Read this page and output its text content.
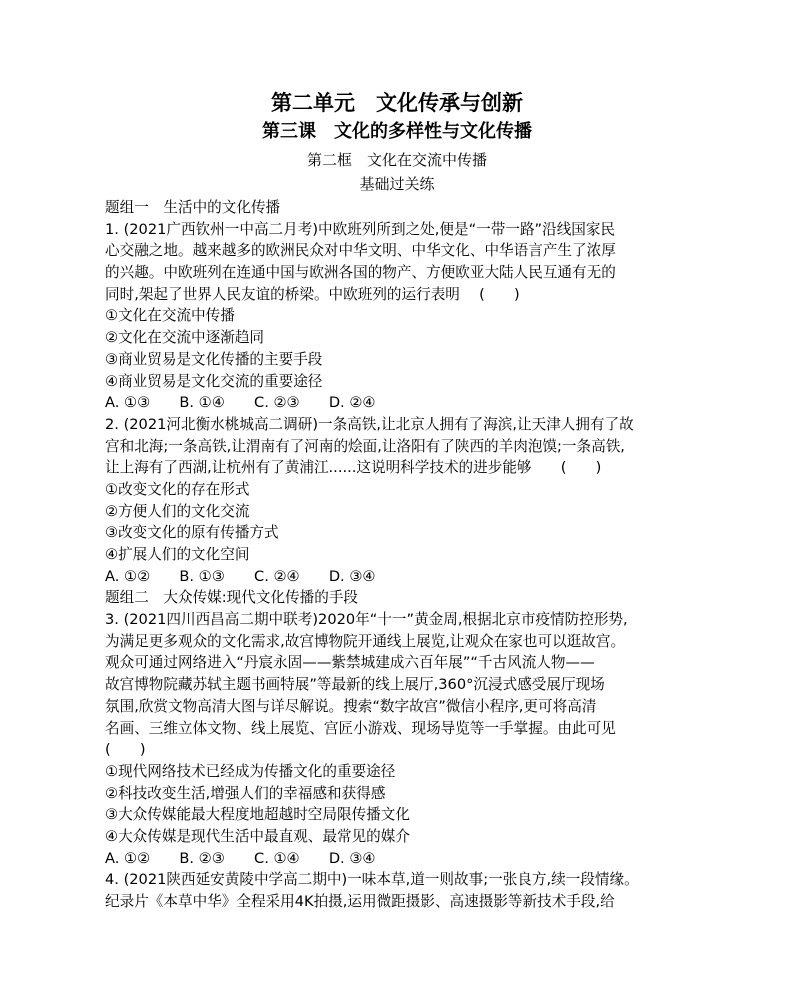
第二单元　文化传承与创新
第三课　文化的多样性与文化传播
第二框　文化在交流中传播
基础过关练
题组一　生活中的文化传播
1. (2021广西钦州一中高二月考)中欧班列所到之处,便是“一带一路”沿线国家民
心交融之地。越来越多的欧洲民众对中华文明、中华文化、中华语言产生了浓厚
的兴趣。中欧班列在连通中国与欧洲各国的物产、方便欧亚大陆人民互通有无的
同时,架起了世界人民友谊的桥梁。中欧班列的运行表明　 (　　)
①文化在交流中传播
②文化在交流中逐渐趋同
③商业贸易是文化传播的主要手段
④商业贸易是文化交流的重要途径
A. ①③　　B. ①④　　C. ②③　　D. ②④
2. (2021河北衡水桃城高二调研)一条高铁,让北京人拥有了海滨,让天津人拥有了故
宫和北海;一条高铁,让渭南有了河南的烩面,让洛阳有了陕西的羊肉泡馍;一条高铁,
让上海有了西湖,让杭州有了黄浦江......这说明科学技术的进步能够　　(　　)
①改变文化的存在形式
②方便人们的文化交流
③改变文化的原有传播方式
④扩展人们的文化空间
A. ①②　　B. ①③　　C. ②④　　D. ③④
题组二　大众传媒:现代文化传播的手段
3. (2021四川西昌高二期中联考)2020年“十一”黄金周,根据北京市疫情防控形势,
为满足更多观众的文化需求,故宫博物院开通线上展览,让观众在家也可以逛故宫。
观众可通过网络进入“丹宸永固——紫禁城建成六百年展”“千古风流人物——
故宫博物院藏苏轼主题书画特展”等最新的线上展厅,360°沉浸式感受展厅现场
氛围,欣赏文物高清大图与详尽解说。搜索“数字故宫”微信小程序,更可将高清
名画、三维立体文物、线上展览、宫匠小游戏、现场导览等一手掌握。由此可见
(　　)
①现代网络技术已经成为传播文化的重要途径
②科技改变生活,增强人们的幸福感和获得感
③大众传媒能最大程度地超越时空局限传播文化
④大众传媒是现代生活中最直观、最常见的媒介
A. ①②　　B. ②③　　C. ①④　　D. ③④
4. (2021陕西延安黄陵中学高二期中)一味本草,道一则故事;一张良方,续一段情缘。
纪录片《本草中华》全程采用4K拍摄,运用微距摄影、高速摄影等新技术手段,给
